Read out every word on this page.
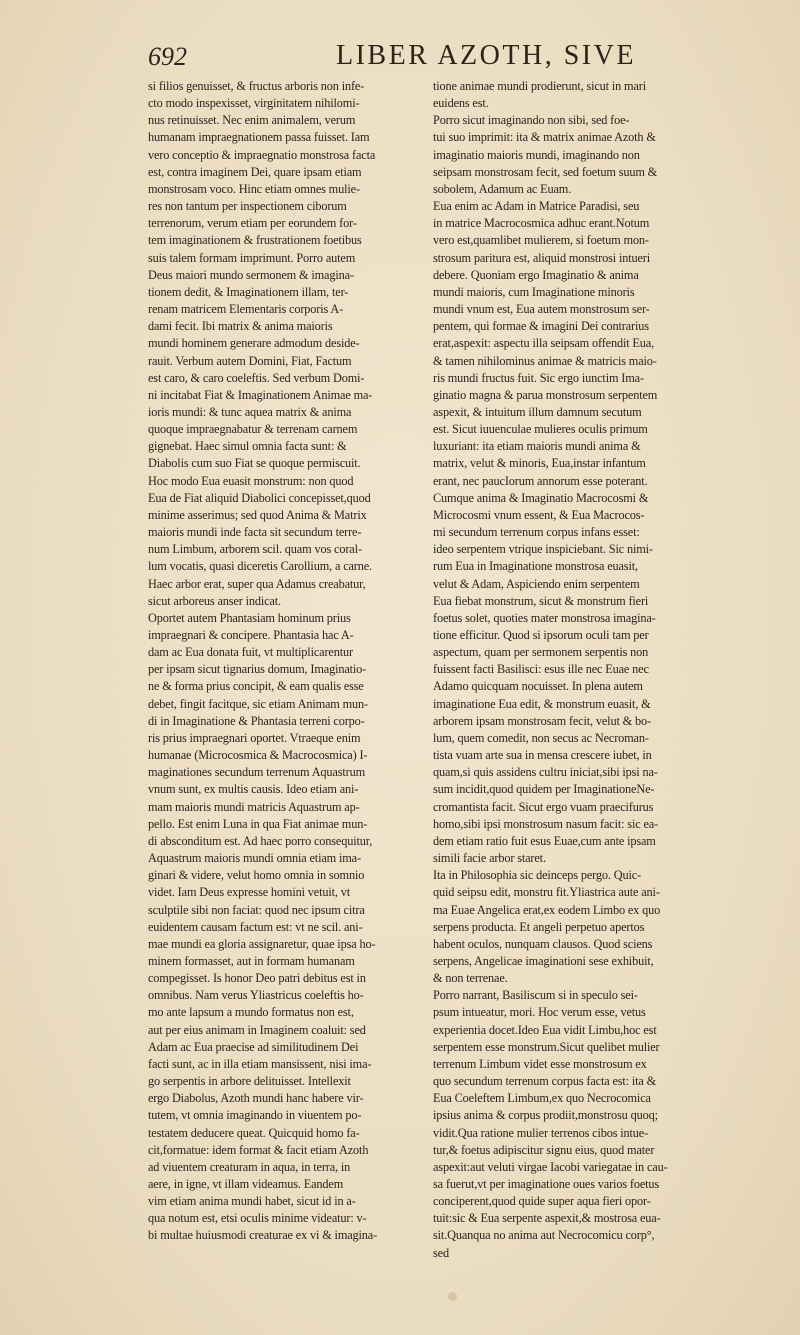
692	LIBER AZOTH, SIVE
si filios genuisset, & fructus arboris non infe-
cto modo inspexisset, virginitatem nihilomi-
nus retinuisset. Nec enim animalem, verum
humanam impraegnationem passa fuisset. Iam
vero conceptio & impraegnatio monstrosa facta
est, contra imaginem Dei, quare ipsam etiam
monstrosam voco. Hinc etiam omnes mulie-
res non tantum per inspectionem ciborum
terrenorum, verum etiam per eorundem for-
tem imaginationem & frustrationem foetibus
suis talem formam imprimunt. Porro autem
Deus maiori mundo sermonem & imagina-
tionem dedit, & Imaginationem illam, ter-
renam matricem Elementaris corporis A-
dami fecit. Ibi matrix & anima maioris
mundi hominem generare admodum deside-
rauit. Verbum autem Domini, Fiat, Factum
est caro, & caro coeleftis. Sed verbum Domi-
ni incitabat Fiat & Imaginationem Animae ma-
ioris mundi: & tunc aquea matrix & anima
quoque impraegnabatur & terrenam carnem
gignebat. Haec simul omnia facta sunt: &
Diabolis cum suo Fiat se quoque permiscuit.
Hoc modo Eua euasit monstrum: non quod
Eua de Fiat aliquid Diabolici concepisset,quod
minime asserimus; sed quod Anima & Matrix
maioris mundi inde facta sit secundum terre-
num Limbum, arborem scil. quam vos coral-
lum vocatis, quasi diceretis Carollium, a carne.
Haec arbor erat, super qua Adamus creabatur,
sicut arboreus anser indicat.
Oportet autem Phantasiam hominum prius
impraegnari & concipere. Phantasia hac A-
dam ac Eua donata fuit, vt multiplicarentur
per ipsam sicut tignarius domum, Imaginatio-
ne & forma prius concipit, & eam qualis esse
debet, fingit facitque, sic etiam Animam mun-
di in Imaginatione & Phantasia terreni corpo-
ris prius impraegnari oportet. Vtraeque enim
humanae (Microcosmica & Macrocosmica) I-
maginationes secundum terrenum Aquastrum
vnum sunt, ex multis causis. Ideo etiam ani-
mam maioris mundi matricis Aquastrum ap-
pello. Est enim Luna in qua Fiat animae mun-
di absconditum est. Ad haec porro consequitur,
Aquastrum maioris mundi omnia etiam ima-
ginari & videre, velut homo omnia in somnio
videt. Iam Deus expresse homini vetuit, vt
sculptile sibi non faciat: quod nec ipsum citra
euidentem causam factum est: vt ne scil. ani-
mae mundi ea gloria assignaretur, quae ipsa ho-
minem formasset, aut in formam humanam
compegisset. Is honor Deo patri debitus est in
omnibus. Nam verus Yliastricus coeleftis ho-
mo ante lapsum a mundo formatus non est,
aut per eius animam in Imaginem coaluit: sed
Adam ac Eua praecise ad similitudinem Dei
facti sunt, ac in illa etiam mansissent, nisi ima-
go serpentis in arbore delituisset. Intellexit
ergo Diabolus, Azoth mundi hanc habere vir-
tutem, vt omnia imaginando in viuentem po-
testatem deducere queat. Quicquid homo fa-
cit,formatue: idem format & facit etiam Azoth
ad viuentem creaturam in aqua, in terra, in
aere, in igne, vt illam videamus. Eandem
vim etiam anima mundi habet, sicut id in a-
qua notum est, etsi oculis minime videatur: v-
bi multae huiusmodi creaturae ex vi & imagina-
tione animae mundi prodierunt, sicut in mari
euidens est.
Porro sicut imaginando non sibi, sed foe-
tui suo imprimit: ita & matrix animae Azoth &
imaginatio maioris mundi, imaginando non
seipsam monstrosam fecit, sed foetum suum &
sobolem, Adamum ac Euam.
Eua enim ac Adam in Matrice Paradisi, seu
in matrice Macrocosmica adhuc erant.Notum
vero est,quamlibet mulierem, si foetum mon-
strosum paritura est, aliquid monstrosi intueri
debere. Quoniam ergo Imaginatio & anima
mundi maioris, cum Imaginatione minoris
mundi vnum est, Eua autem monstrosum ser-
pentem, qui formae & imagini Dei contrarius
erat,aspexit: aspectu illa seipsam offendit Eua,
& tamen nihilominus animae & matricis maio-
ris mundi fructus fuit. Sic ergo iunctim Ima-
ginatio magna & parua monstrosum serpentem
aspexit, & intuitum illum damnum secutum
est. Sicut iuuenculae mulieres oculis primum
luxuriant: ita etiam maioris mundi anima &
matrix, velut & minoris, Eua,instar infantum
erant, nec paucIorum annorum esse poterant.
Cumque anima & Imaginatio Macrocosmi &
Microcosmi vnum essent, & Eua Macrocos-
mi secundum terrenum corpus infans esset:
ideo serpentem vtrique inspiciebant. Sic nimi-
rum Eua in Imaginatione monstrosa euasit,
velut & Adam, Aspiciendo enim serpentem
Eua fiebat monstrum, sicut & monstrum fieri
foetus solet, quoties mater monstrosa imagina-
tione efficitur. Quod si ipsorum oculi tam per
aspectum, quam per sermonem serpentis non
fuissent facti Basilisci: esus ille nec Euae nec
Adamo quicquam nocuisset. In plena autem
imaginatione Eua edit, & monstrum euasit, &
arborem ipsam monstrosam fecit, velut & bo-
lum, quem comedit, non secus ac Necroman-
tista vuam arte sua in mensa crescere iubet, in
quam,si quis assidens cultru iniciat,sibi ipsi na-
sum incidit,quod quidem per ImaginationeNe-
cromantista facit. Sicut ergo vuam praecifurus
homo,sibi ipsi monstrosum nasum facit: sic ea-
dem etiam ratio fuit esus Euae,cum ante ipsam
simili facie arbor staret.
Ita in Philosophia sic deinceps pergo. Quic-
quid seipsu edit, monstru fit.Yliastrica aute ani-
ma Euae Angelica erat,ex eodem Limbo ex quo
serpens producta. Et angeli perpetuo apertos
habent oculos, nunquam clausos. Quod sciens
serpens, Angelicae imaginationi sese exhibuit,
& non terrenae.
Porro narrant, Basiliscum si in speculo sei-
psum intueatur, mori. Hoc verum esse, vetus
experientia docet.Ideo Eua vidit Limbu,hoc est
serpentem esse monstrum.Sicut quelibet mulier
terrenum Limbum videt esse monstrosum ex
quo secundum terrenum corpus facta est: ita &
Eua Coeleftem Limbum,ex quo Necrocomica
ipsius anima & corpus prodiit,monstrosu quoq;
vidit.Qua ratione mulier terrenos cibos intue-
tur,& foetus adipiscitur signu eius, quod mater
aspexit:aut veluti virgae Iacobi variegatae in cau-
sa fuerut,vt per imaginatione oues varios foetus
conciperent,quod quide super aqua fieri opor-
tuit:sic & Eua serpente aspexit,& mostrosa eua-
sit.Quanqua no anima aut Necrocomicu corp°,
sed
